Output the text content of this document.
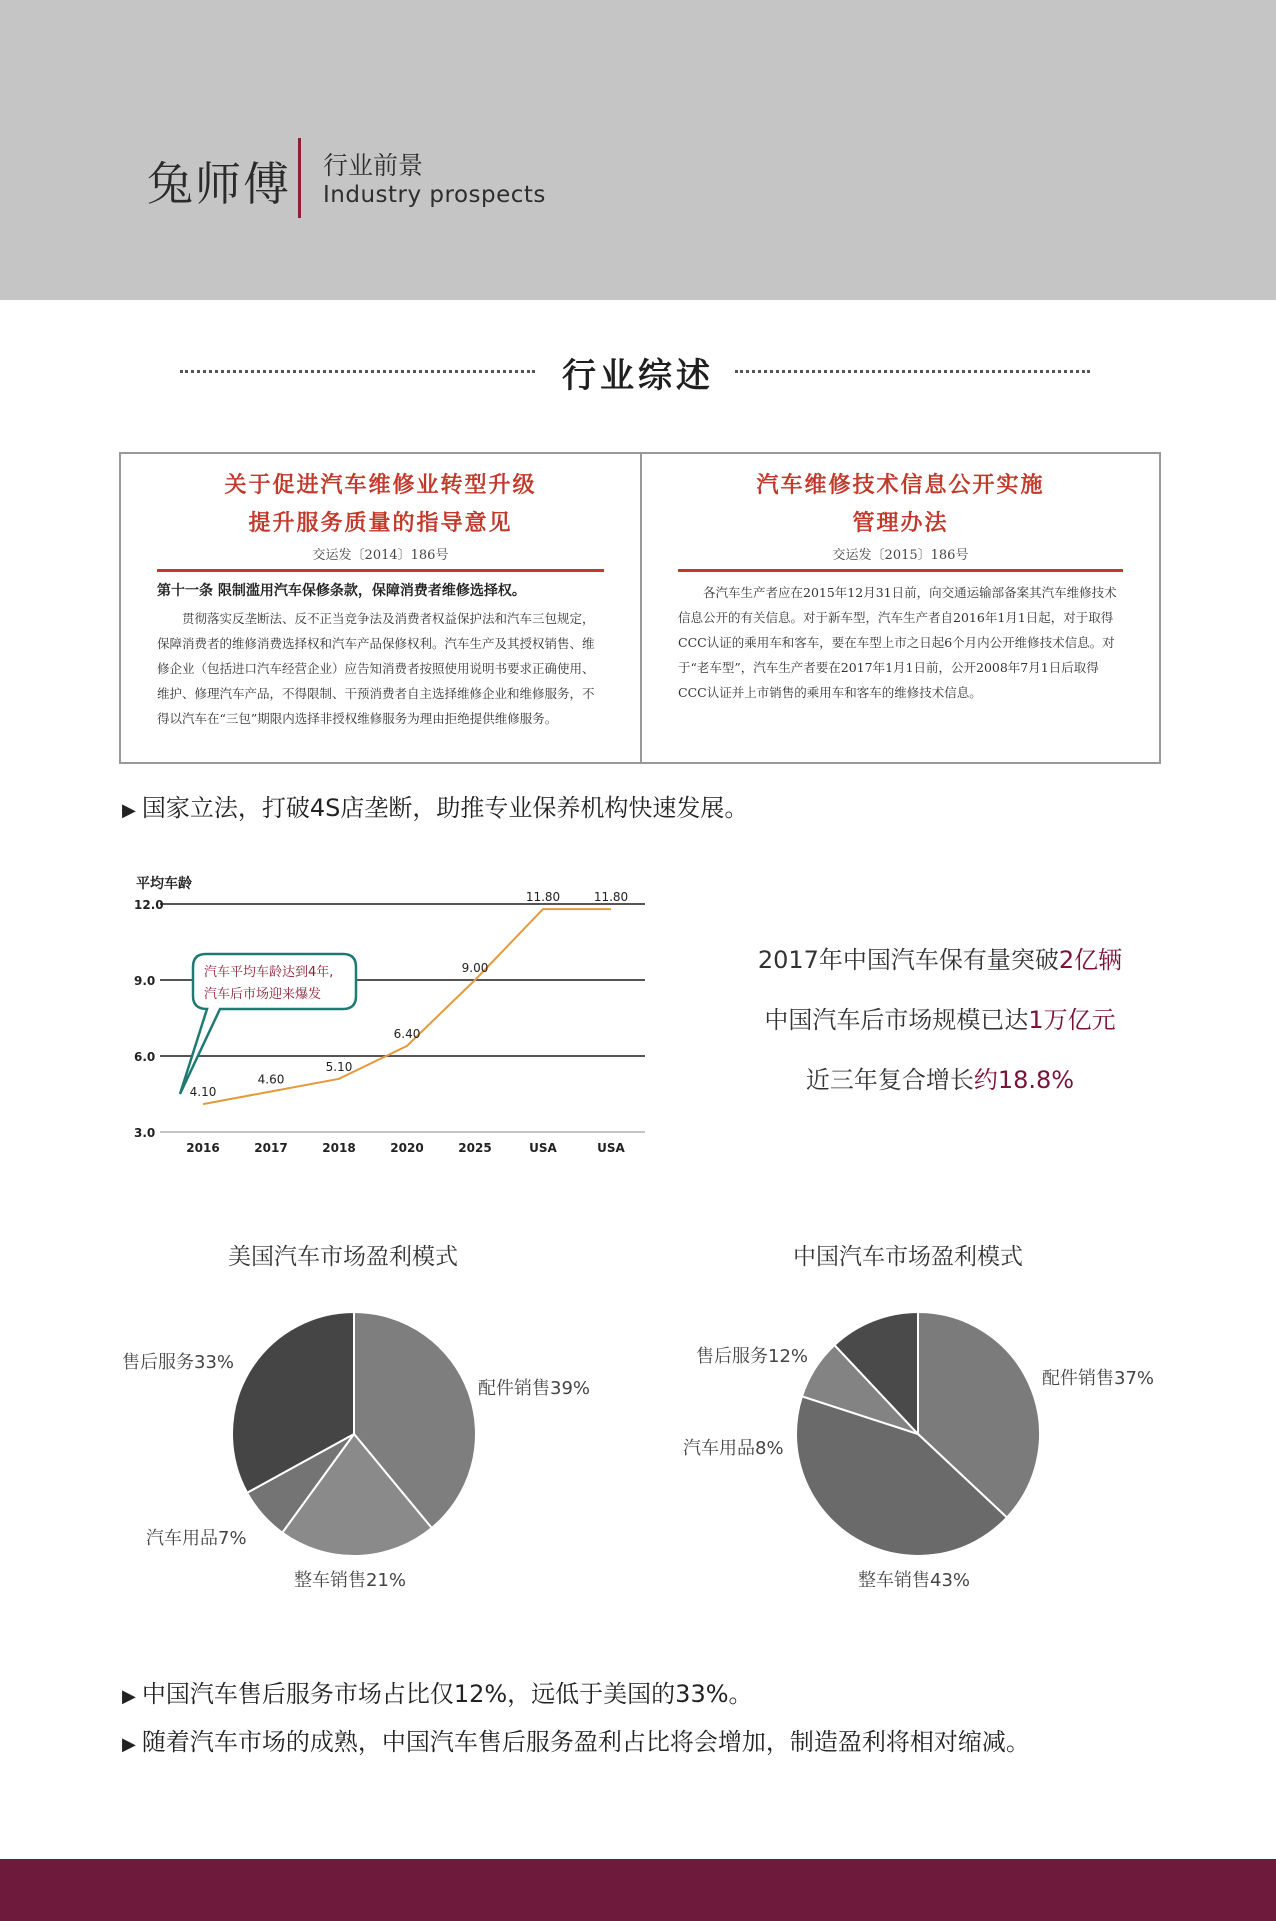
兔师傅 行业前景
Industry prospects
行业综述
关于促进汽车维修业转型升级
提升服务质量的指导意见
交运发〔2014〕186号
第十一条 限制滥用汽车保修条款，保障消费者维修选择权。
贯彻落实反垄断法、反不正当竞争法及消费者权益保护法和汽车三包规定，保障消费者的维修消费选择权和汽车产品保修权利。汽车生产及其授权销售、维修企业（包括进口汽车经营企业）应告知消费者按照使用说明书要求正确使用、维护、修理汽车产品，不得限制、干预消费者自主选择维修企业和维修服务，不得以汽车在“三包”期限内选择非授权维修服务为理由拒绝提供维修服务。
汽车维修技术信息公开实施
管理办法
交运发〔2015〕186号
各汽车生产者应在2015年12月31日前，向交通运输部备案其汽车维修技术信息公开的有关信息。对于新车型，汽车生产者自2016年1月1日起，对于取得CCC认证的乘用车和客车，要在车型上市之日起6个月内公开维修技术信息。对于“老车型”，汽车生产者要在2017年1月1日前，公开2008年7月1日后取得CCC认证并上市销售的乘用车和客车的维修技术信息。
▶ 国家立法，打破4S店垄断，助推专业保养机构快速发展。
平均车龄
12.0
9.0
6.0
3.0
2016	2017	2018	2020	2025	USA	USA
4.10
4.60
5.10
6.40
9.00
11.80	11.80
汽车平均车龄达到4年,
汽车后市场迎来爆发
2017年中国汽车保有量突破2亿辆
中国汽车后市场规模已达1万亿元
近三年复合增长约18.8%
美国汽车市场盈利模式	中国汽车市场盈利模式
配件销售39%
整车销售21%
汽车用品7%
售后服务33%
配件销售37%
整车销售43%
汽车用品8%
售后服务12%
▶ 中国汽车售后服务市场占比仅12%，远低于美国的33%。
▶ 随着汽车市场的成熟，中国汽车售后服务盈利占比将会增加，制造盈利将相对缩减。
